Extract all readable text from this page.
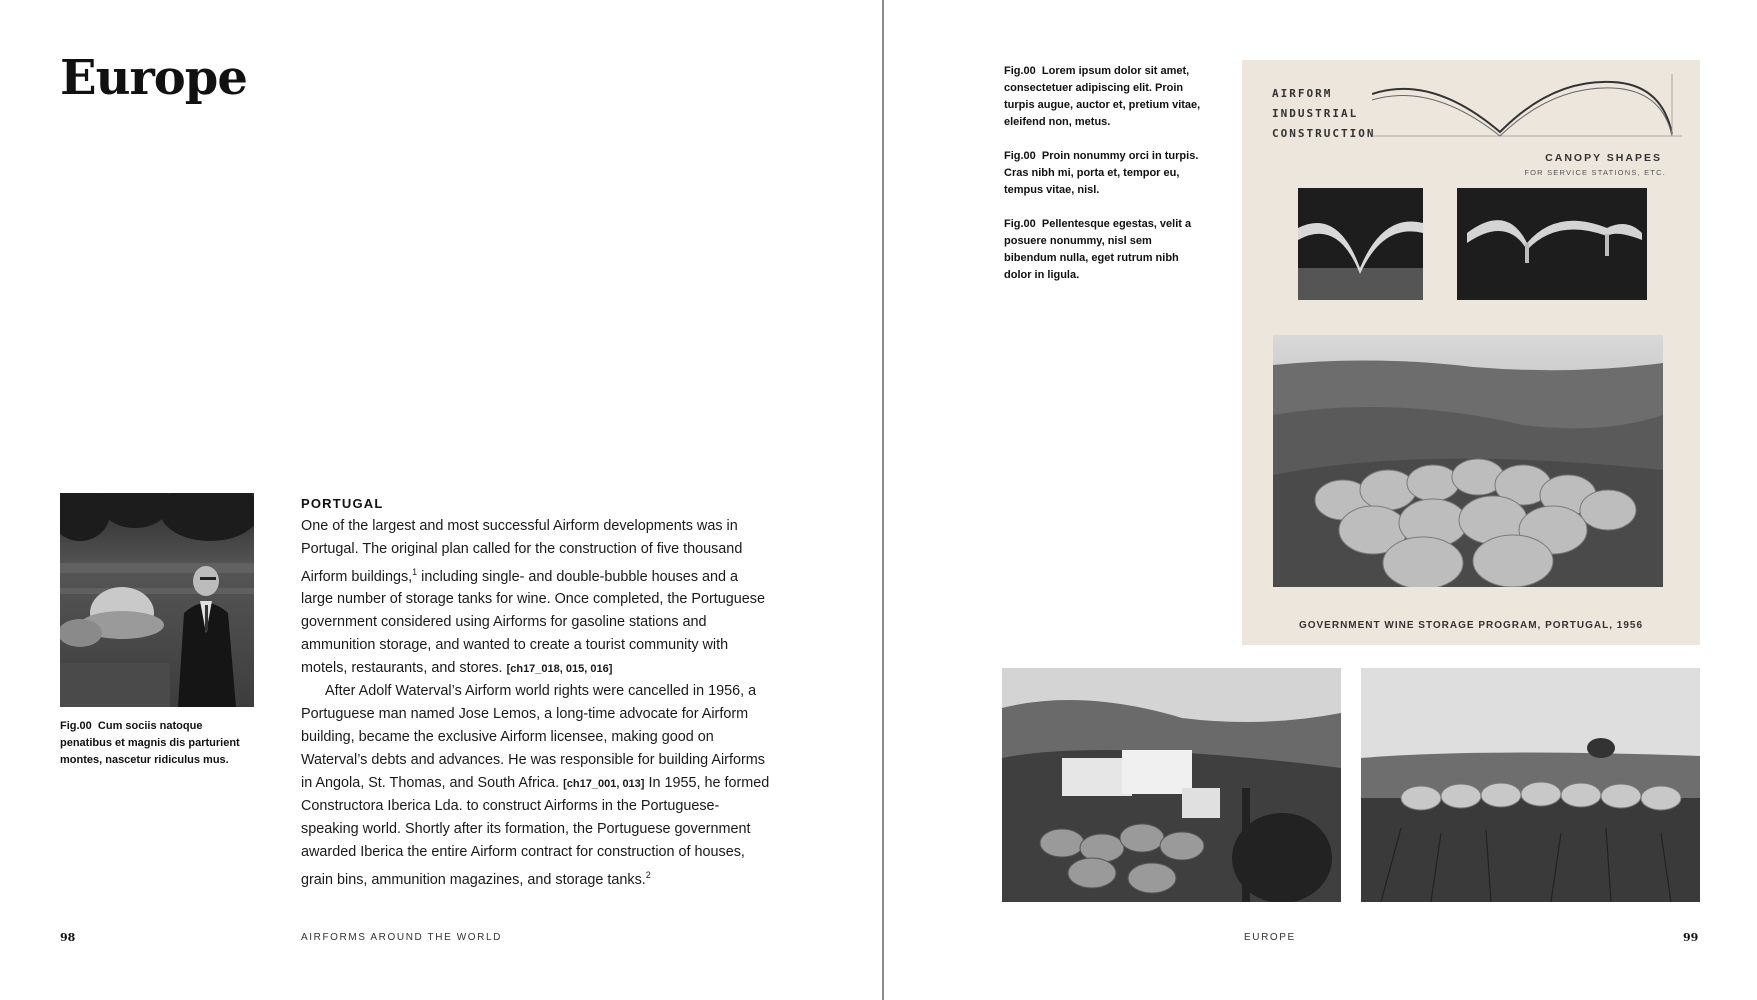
Europe
Fig.00 Cum sociis natoque penatibus et magnis dis parturient montes, nascetur ridiculus mus.
PORTUGAL

One of the largest and most successful Airform developments was in Portugal. The original plan called for the construction of five thousand Airform buildings,$^1$ including single- and double-bubble houses and a large number of storage tanks for wine. Once completed, the Portuguese government considered using Airforms for gasoline stations and ammunition storage, and wanted to create a tourist community with motels, restaurants, and stores. [ch17_018, 015, 016]

After Adolf Waterval’s Airform world rights were cancelled in 1956, a Portuguese man named Jose Lemos, a long-time advocate for Airform building, became the exclusive Airform licensee, making good on Waterval’s debts and advances. He was responsible for building Airforms in Angola, St. Thomas, and South Africa. [ch17_001, 013] In 1955, he formed Constructora Iberica Lda. to construct Airforms in the Portuguese-speaking world. Shortly after its formation, the Portuguese government awarded Iberica the entire Airform contract for construction of houses, grain bins, ammunition magazines, and storage tanks.$^2$

98	AIRFORMS AROUND THE WORLD

Fig.00 Lorem ipsum dolor sit amet, consectetuer adipiscing elit. Proin turpis augue, auctor et, pretium vitae, eleifend non, metus.

Fig.00 Proin nonummy orci in turpis. Cras nibh mi, porta et, tempor eu, tempus vitae, nisl.

Fig.00 Pellentesque egestas, velit a posuere nonummy, nisl sem bibendum nulla, eget rutrum nibh dolor in ligula.

AIRFORM
INDUSTRIAL
CONSTRUCTION
CANOPY SHAPES
FOR SERVICE STATIONS, ETC.
GOVERNMENT WINE STORAGE PROGRAM, PORTUGAL, 1956
EUROPE	99
